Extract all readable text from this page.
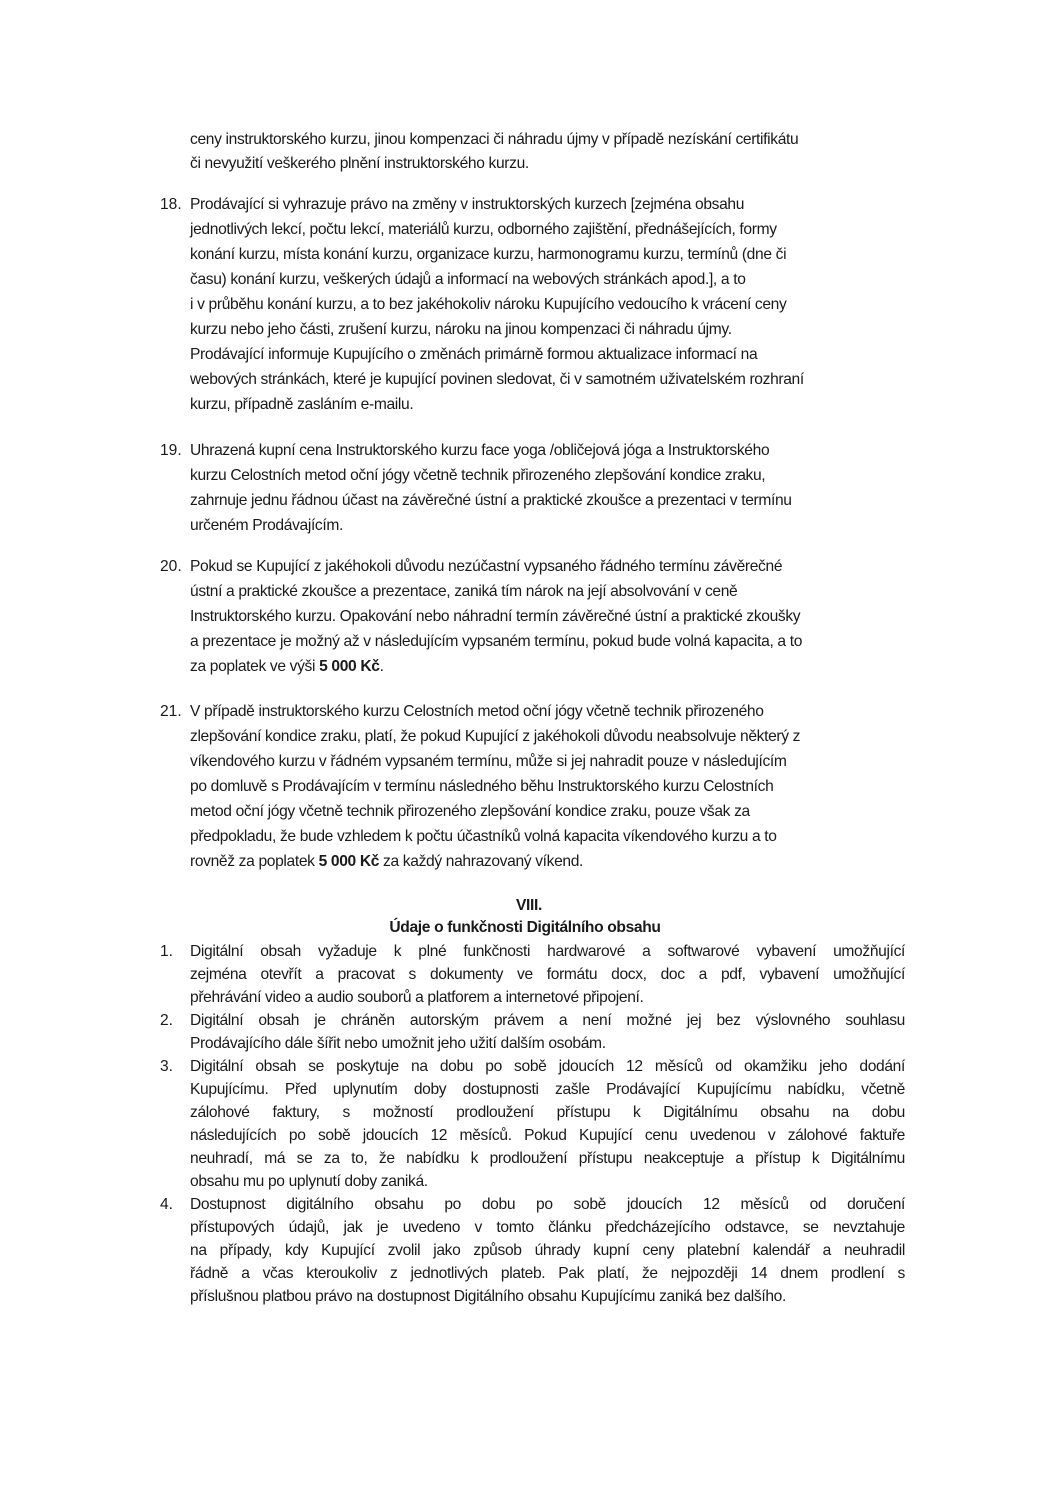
ceny instruktorského kurzu, jinou kompenzaci či náhradu újmy v případě nezískání certifikátu
či nevyužití veškerého plnění instruktorského kurzu.
18. Prodávající si vyhrazuje právo na změny v instruktorských kurzech [zejména obsahu
jednotlivých lekcí, počtu lekcí, materiálů kurzu, odborného zajištění, přednášejících, formy
konání kurzu, místa konání kurzu, organizace kurzu, harmonogramu kurzu, termínů (dne či
času) konání kurzu, veškerých údajů a informací na webových stránkách apod.], a to
i v průběhu konání kurzu, a to bez jakéhokoliv nároku Kupujícího vedoucího k vrácení ceny
kurzu nebo jeho části, zrušení kurzu, nároku na jinou kompenzaci či náhradu újmy.
Prodávající informuje Kupujícího o změnách primárně formou aktualizace informací na
webových stránkách, které je kupující povinen sledovat, či v samotném uživatelském rozhraní
kurzu, případně zasláním e-mailu.
19. Uhrazená kupní cena Instruktorského kurzu face yoga /obličejová jóga a Instruktorského
kurzu Celostních metod oční jógy včetně technik přirozeného zlepšování kondice zraku,
zahrnuje jednu řádnou účast na závěrečné ústní a praktické zkoušce a prezentaci v termínu
určeném Prodávajícím.
20. Pokud se Kupující z jakéhokoli důvodu nezúčastní vypsaného řádného termínu závěrečné
ústní a praktické zkoušce a prezentace, zaniká tím nárok na její absolvování v ceně
Instruktorského kurzu. Opakování nebo náhradní termín závěrečné ústní a praktické zkoušky
a prezentace je možný až v následujícím vypsaném termínu, pokud bude volná kapacita, a to
za poplatek ve výši 5 000 Kč.
21. V případě instruktorského kurzu Celostních metod oční jógy včetně technik přirozeného
zlepšování kondice zraku, platí, že pokud Kupující z jakéhokoli důvodu neabsolvuje některý z
víkendového kurzu v řádném vypsaném termínu, může si jej nahradit pouze v následujícím
po domluvě s Prodávajícím v termínu následného běhu Instruktorského kurzu Celostních
metod oční jógy včetně technik přirozeného zlepšování kondice zraku, pouze však za
předpokladu, že bude vzhledem k počtu účastníků volná kapacita víkendového kurzu a to
rovněž za poplatek 5 000 Kč za každý nahrazovaný víkend.
VIII.
Údaje o funkčnosti Digitálního obsahu
1. Digitální obsah vyžaduje k plné funkčnosti hardwarové a softwarové vybavení umožňující
zejména otevřít a pracovat s dokumenty ve formátu docx, doc a pdf, vybavení umožňující
přehrávání video a audio souborů a platforem a internetové připojení.
2. Digitální obsah je chráněn autorským právem a není možné jej bez výslovného souhlasu
Prodávajícího dále šířit nebo umožnit jeho užití dalším osobám.
3. Digitální obsah se poskytuje na dobu po sobě jdoucích 12 měsíců od okamžiku jeho dodání
Kupujícímu. Před uplynutím doby dostupnosti zašle Prodávající Kupujícímu nabídku, včetně
zálohové faktury, s možností prodloužení přístupu k Digitálnímu obsahu na dobu
následujících po sobě jdoucích 12 měsíců. Pokud Kupující cenu uvedenou v zálohové faktuře
neuhradí, má se za to, že nabídku k prodloužení přístupu neakceptuje a přístup k Digitálnímu
obsahu mu po uplynutí doby zaniká.
4. Dostupnost digitálního obsahu po dobu po sobě jdoucích 12 měsíců od doručení
přístupových údajů, jak je uvedeno v tomto článku předcházejícího odstavce, se nevztahuje
na případy, kdy Kupující zvolil jako způsob úhrady kupní ceny platební kalendář a neuhradil
řádně a včas kteroukoliv z jednotlivých plateb. Pak platí, že nejpozději 14 dnem prodlení s
příslušnou platbou právo na dostupnost Digitálního obsahu Kupujícímu zaniká bez dalšího.
